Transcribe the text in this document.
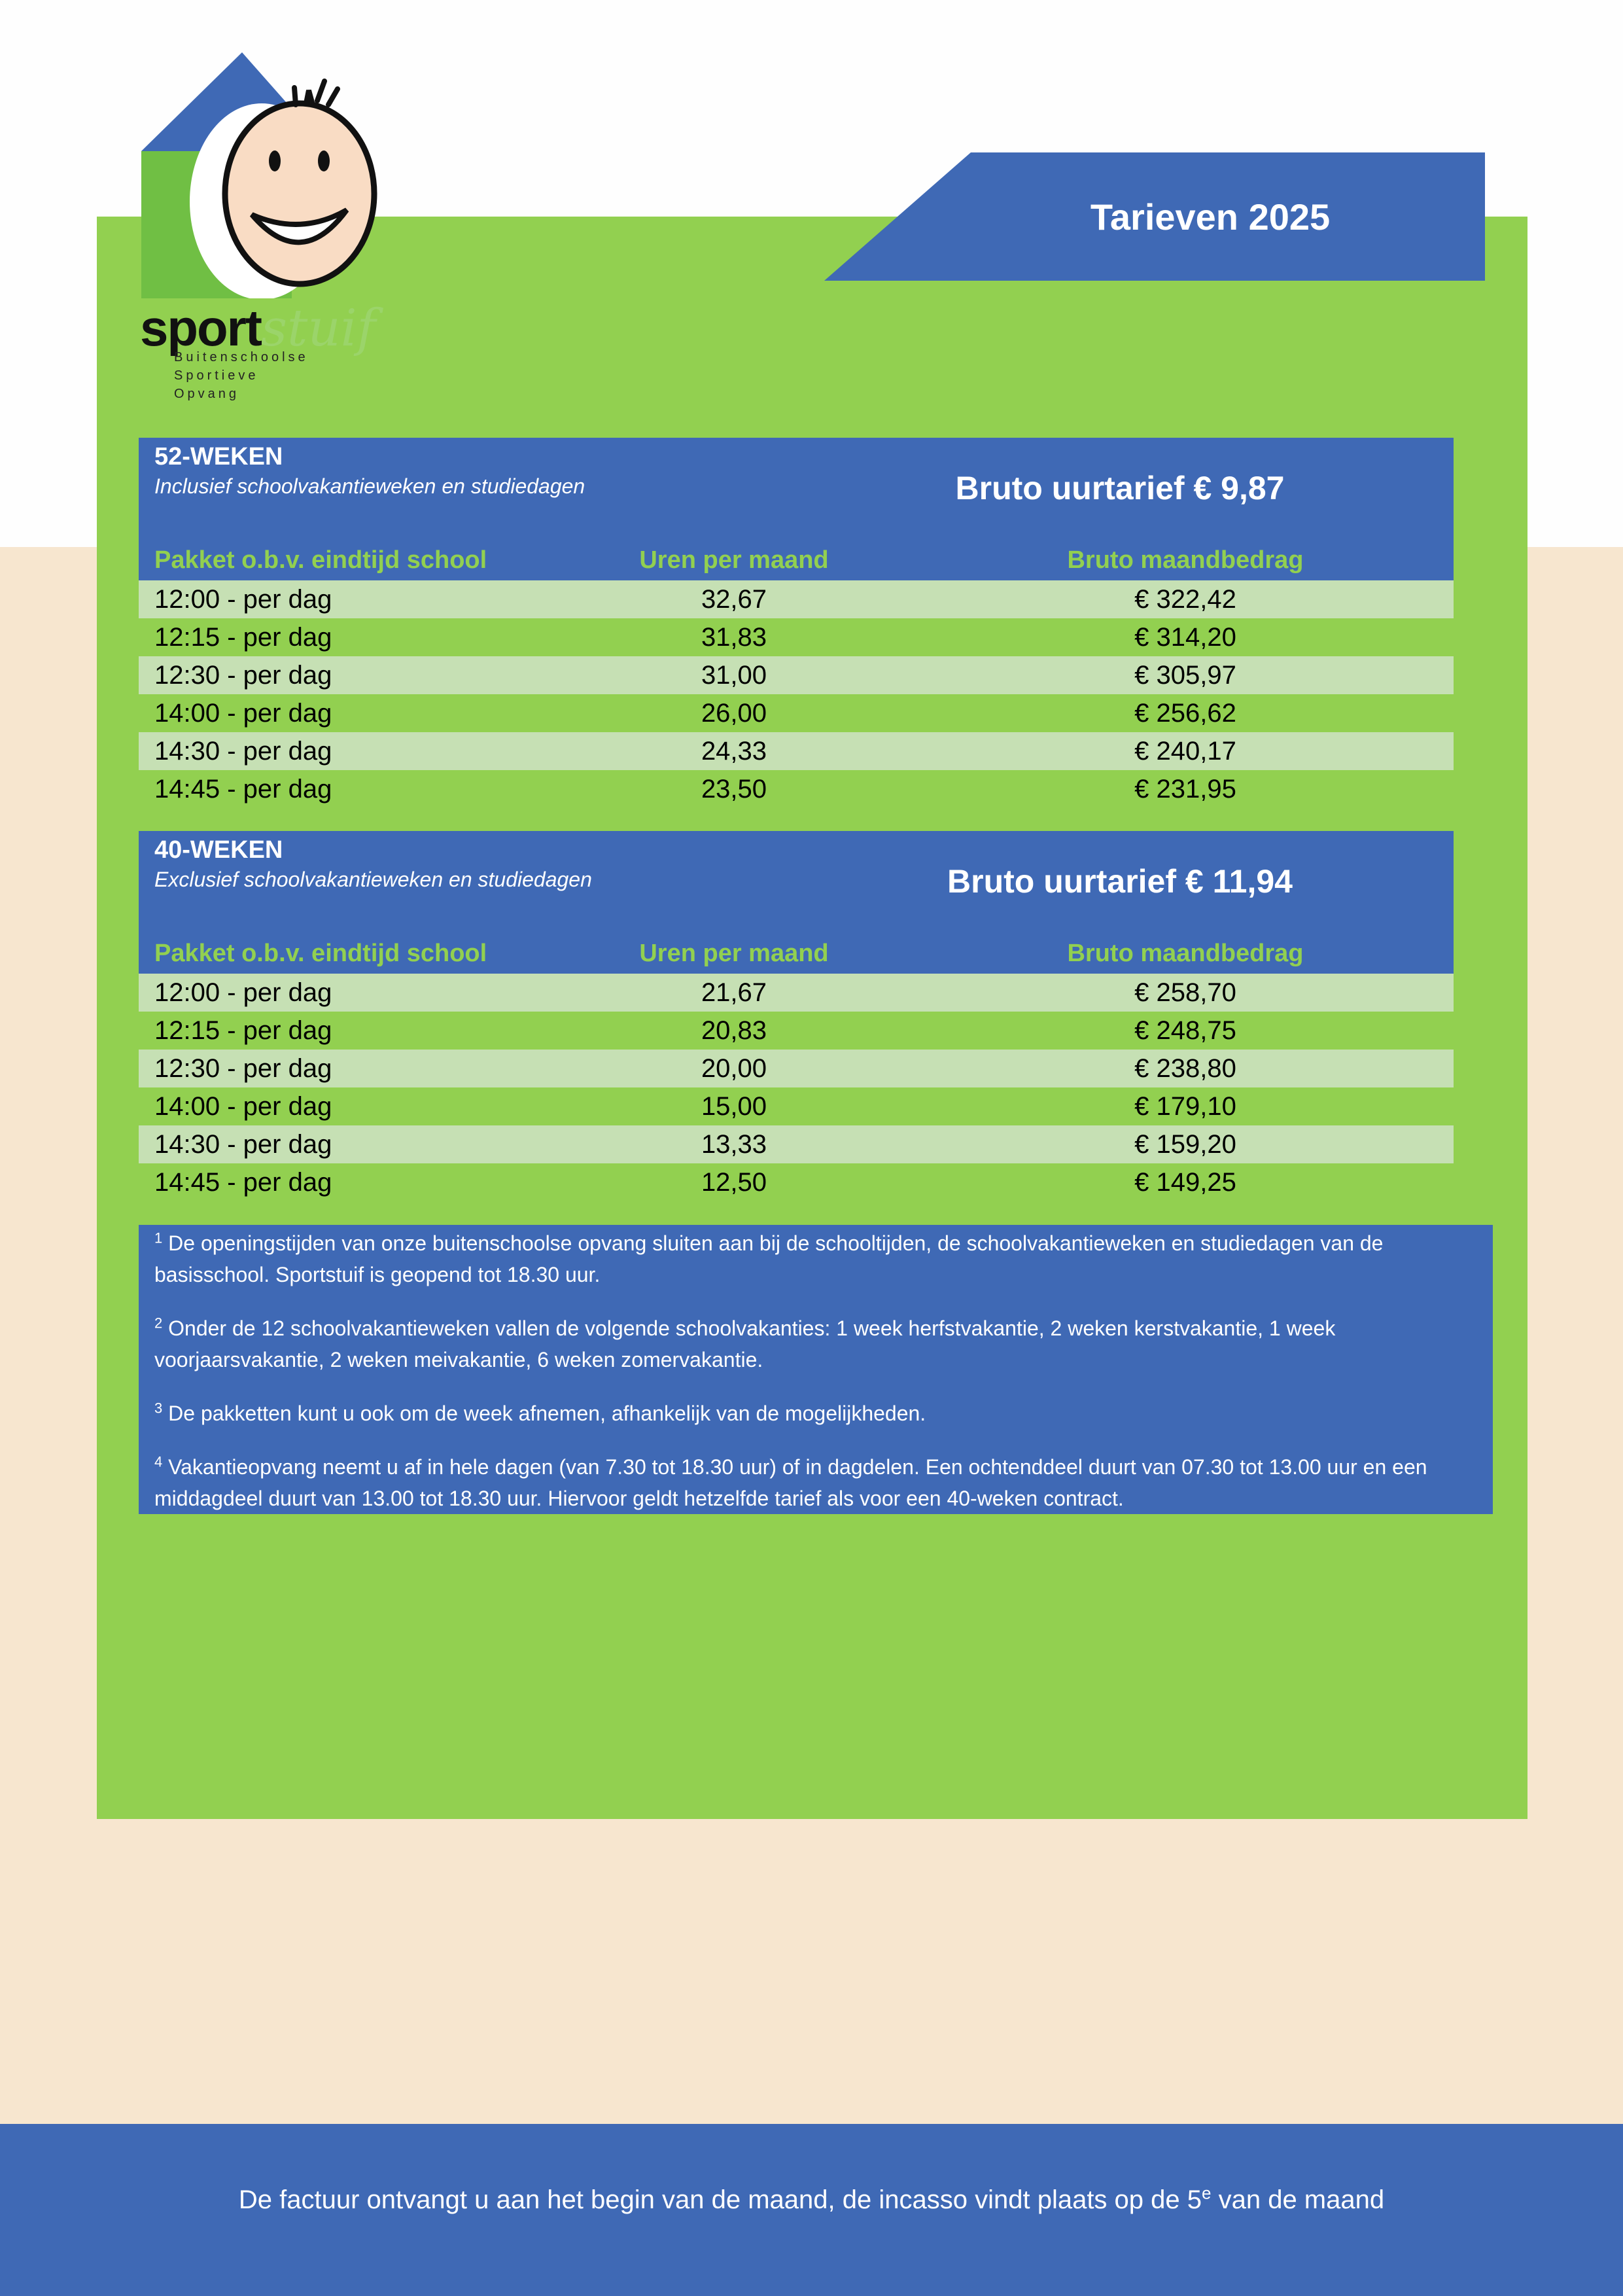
sportstuif
Buitenschoolse
Sportieve
Opvang
Tarieven 2025
52-WEKEN
Inclusief schoolvakantieweken en studiedagen	Bruto uurtarief € 9,87
Pakket o.b.v. eindtijd school	Uren per maand	Bruto maandbedrag
12:00 - per dag	32,67	€ 322,42
12:15 - per dag	31,83	€ 314,20
12:30 - per dag	31,00	€ 305,97
14:00 - per dag	26,00	€ 256,62
14:30 - per dag	24,33	€ 240,17
14:45 - per dag	23,50	€ 231,95
40-WEKEN
Exclusief schoolvakantieweken en studiedagen	Bruto uurtarief € 11,94
Pakket o.b.v. eindtijd school	Uren per maand	Bruto maandbedrag
12:00 - per dag	21,67	€ 258,70
12:15 - per dag	20,83	€ 248,75
12:30 - per dag	20,00	€ 238,80
14:00 - per dag	15,00	€ 179,10
14:30 - per dag	13,33	€ 159,20
14:45 - per dag	12,50	€ 149,25

$^1$ De openingstijden van onze buitenschoolse opvang sluiten aan bij de schooltijden, de schoolvakantieweken en studiedagen van de basisschool. Sportstuif is geopend tot 18.30 uur.

$^2$ Onder de 12 schoolvakantieweken vallen de volgende schoolvakanties: 1 week herfstvakantie, 2 weken kerstvakantie, 1 week voorjaarsvakantie, 2 weken meivakantie, 6 weken zomervakantie.

$^3$ De pakketten kunt u ook om de week afnemen, afhankelijk van de mogelijkheden.

$^4$ Vakantieopvang neemt u af in hele dagen (van 7.30 tot 18.30 uur) of in dagdelen. Een ochtenddeel duurt van 07.30 tot 13.00 uur en een middagdeel duurt van 13.00 tot 18.30 uur. Hiervoor geldt hetzelfde tarief als voor een 40-weken contract.

De factuur ontvangt u aan het begin van de maand, de incasso vindt plaats op de 5e van de maand
